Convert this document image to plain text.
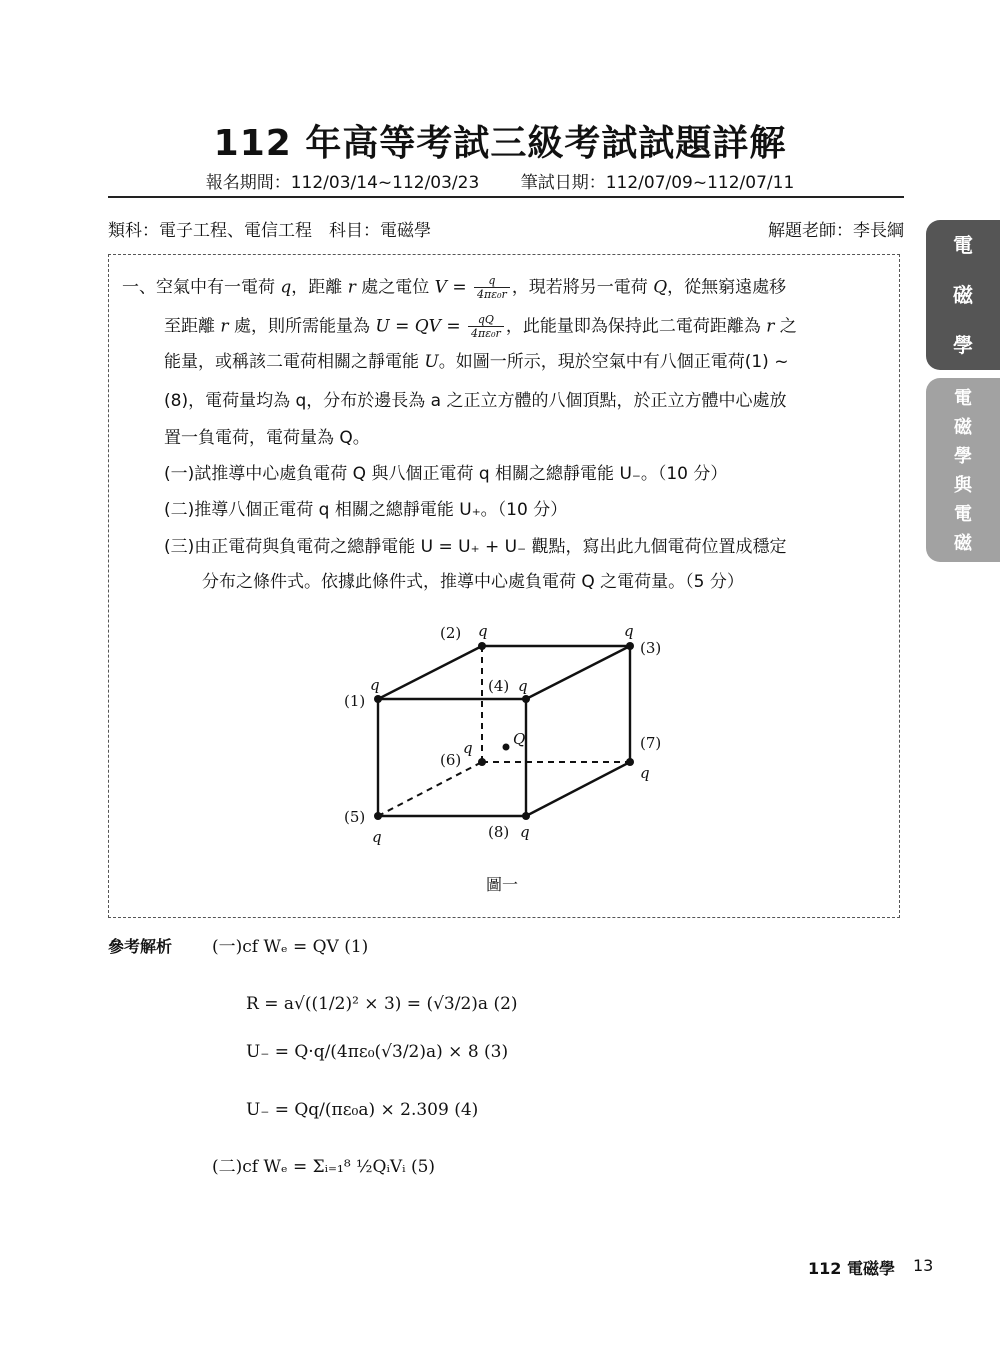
112 年高等考試三級考試試題詳解
報名期間：112/03/14~112/03/23 筆試日期：112/07/09~112/07/11
類科：電子工程、電信工程　科目：電磁學	解題老師：李長綱
電
磁
學
電
磁
學
與
電
磁
波
一、空氣中有一電荷 q，距離 r 處之電位 $V = \frac{q}{\text{4πε₀r}}$ ，現若將另一電荷 Q，從無窮遠處移
至距離 r 處，則所需能量為 U = QV = $\frac{qQ}{\text{4πε₀r}}$ ，此能量即為保持此二電荷距離為 r 之
能量，或稱該二電荷相關之靜電能 U。如圖一所示，現於空氣中有八個正電荷(1) ~
(8)，電荷量均為 q，分布於邊長為 a 之正立方體的八個頂點，於正立方體中心處放
置一負電荷，電荷量為 Q。
(一)試推導中心處負電荷 Q 與八個正電荷 q 相關之總靜電能 U₋。（10 分）
(二)推導八個正電荷 q 相關之總靜電能 U₊。（10 分）
(三)由正電荷與負電荷之總靜電能 U = U₊ + U₋ 觀點，寫出此九個電荷位置成穩定
分布之條件式。依據此條件式，推導中心處負電荷 Q 之電荷量。（5 分）
(2) q	q
(3)
q
(1)
(4) q
Q	(7)
q
(6)
q
(5)
q	(8) q
圖一
參考解析 (一)cf Wₑ = QV (1)
R = a√((1/2)² × 3) = (√3/2)a (2)
U₋ = Q·q/(4πε₀(√3/2)a) × 8 (3)
U₋ = Qq/(πε₀a) × 2.309 (4)
(二)cf Wₑ = Σᵢ₌₁⁸ ½QᵢVᵢ (5)
112 電磁學 13
